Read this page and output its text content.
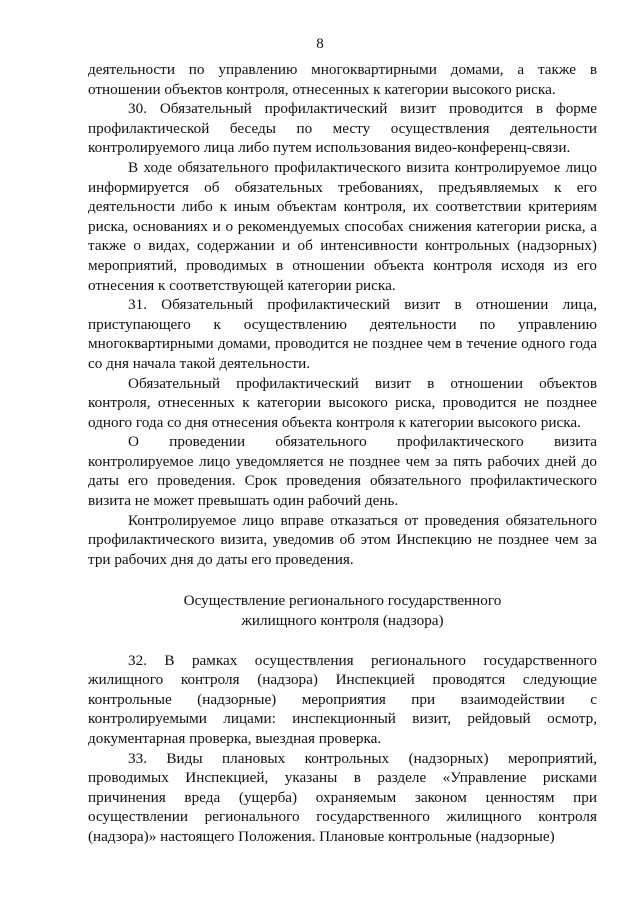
8

деятельности по управлению многоквартирными домами, а также в отношении объектов контроля, отнесенных к категории высокого риска.

30. Обязательный профилактический визит проводится в форме профилактической беседы по месту осуществления деятельности контролируемого лица либо путем использования видео-конференц-связи.

В ходе обязательного профилактического визита контролируемое лицо информируется об обязательных требованиях, предъявляемых к его деятельности либо к иным объектам контроля, их соответствии критериям риска, основаниях и о рекомендуемых способах снижения категории риска, а также о видах, содержании и об интенсивности контрольных (надзорных) мероприятий, проводимых в отношении объекта контроля исходя из его отнесения к соответствующей категории риска.

31. Обязательный профилактический визит в отношении лица, приступающего к осуществлению деятельности по управлению многоквартирными домами, проводится не позднее чем в течение одного года со дня начала такой деятельности.

Обязательный профилактический визит в отношении объектов контроля, отнесенных к категории высокого риска, проводится не позднее одного года со дня отнесения объекта контроля к категории высокого риска.

О проведении обязательного профилактического визита контролируемое лицо уведомляется не позднее чем за пять рабочих дней до даты его проведения. Срок проведения обязательного профилактического визита не может превышать один рабочий день.

Контролируемое лицо вправе отказаться от проведения обязательного профилактического визита, уведомив об этом Инспекцию не позднее чем за три рабочих дня до даты его проведения.

Осуществление регионального государственного
жилищного контроля (надзора)

32. В рамках осуществления регионального государственного жилищного контроля (надзора) Инспекцией проводятся следующие контрольные (надзорные) мероприятия при взаимодействии с контролируемыми лицами: инспекционный визит, рейдовый осмотр, документарная проверка, выездная проверка.

33. Виды плановых контрольных (надзорных) мероприятий, проводимых Инспекцией, указаны в разделе «Управление рисками причинения вреда (ущерба) охраняемым законом ценностям при осуществлении регионального государственного жилищного контроля (надзора)» настоящего Положения. Плановые контрольные (надзорные)
